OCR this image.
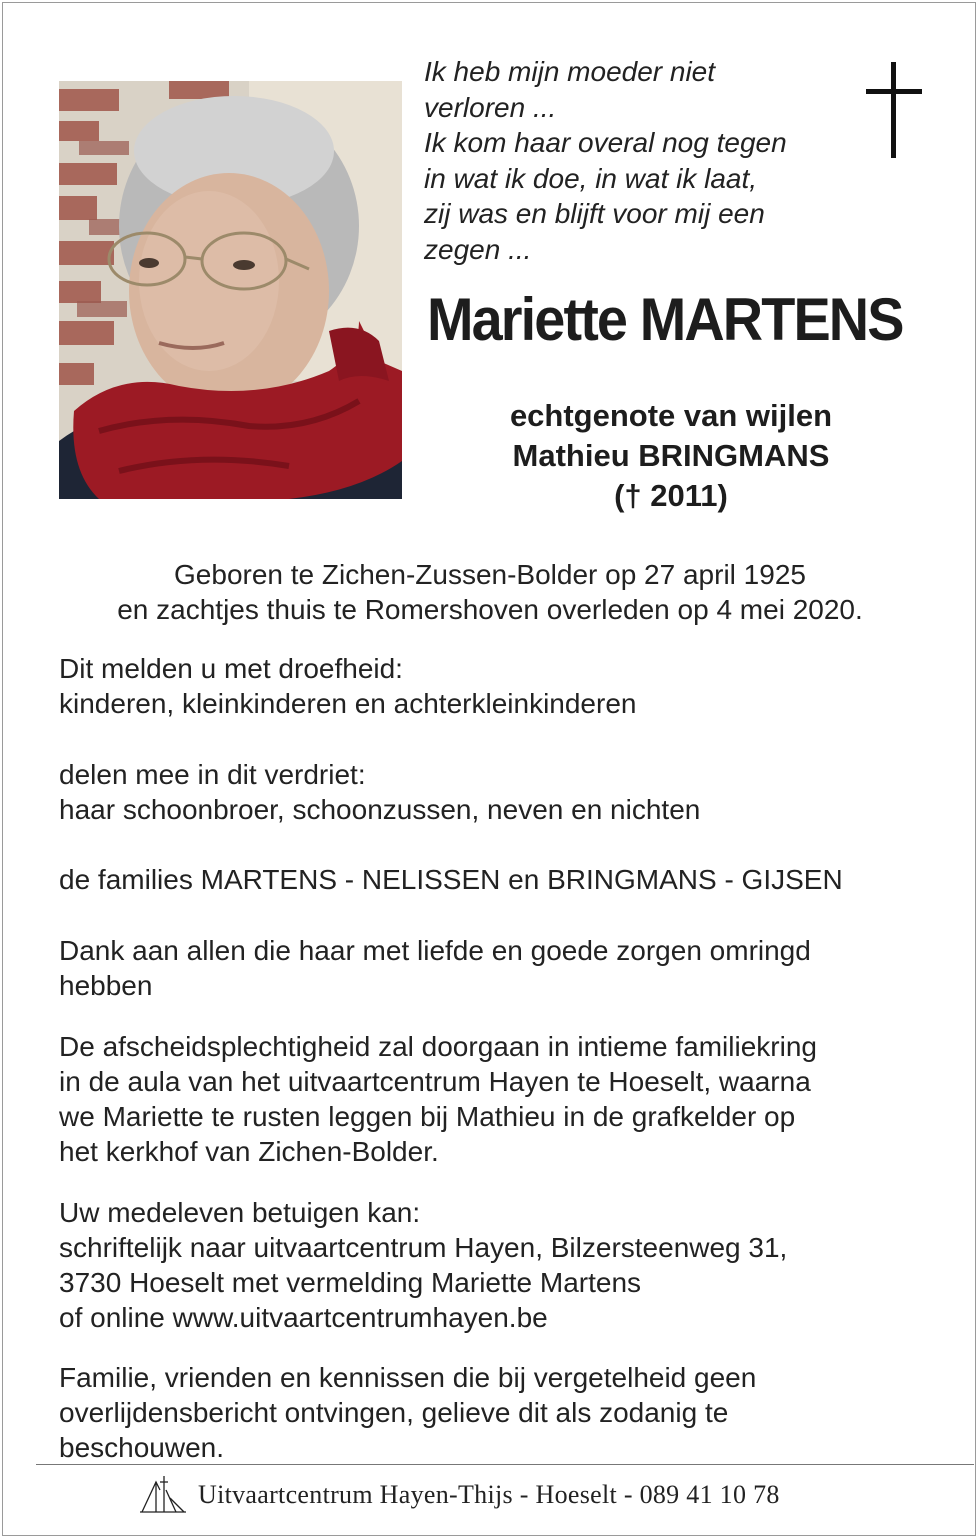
Ik heb mijn moeder niet
verloren ...
Ik kom haar overal nog tegen
in wat ik doe, in wat ik laat,
zij was en blijft voor mij een
zegen ...
Mariette MARTENS
echtgenote van wijlen
Mathieu BRINGMANS
(† 2011)
Geboren te Zichen-Zussen-Bolder op 27 april 1925
en zachtjes thuis te Romershoven overleden op 4 mei 2020.
Dit melden u met droefheid:
kinderen, kleinkinderen en achterkleinkinderen
delen mee in dit verdriet:
haar schoonbroer, schoonzussen, neven en nichten
de families MARTENS - NELISSEN en BRINGMANS - GIJSEN
Dank aan allen die haar met liefde en goede zorgen omringd
hebben
De afscheidsplechtigheid zal doorgaan in intieme familiekring
in de aula van het uitvaartcentrum Hayen te Hoeselt, waarna
we Mariette te rusten leggen bij Mathieu in de grafkelder op
het kerkhof van Zichen-Bolder.
Uw medeleven betuigen kan:
schriftelijk naar uitvaartcentrum Hayen, Bilzersteenweg 31,
3730 Hoeselt met vermelding Mariette Martens
of online www.uitvaartcentrumhayen.be
Familie, vrienden en kennissen die bij vergetelheid geen
overlijdensbericht ontvingen, gelieve dit als zodanig te
beschouwen.
Uitvaartcentrum Hayen-Thijs - Hoeselt - 089 41 10 78
